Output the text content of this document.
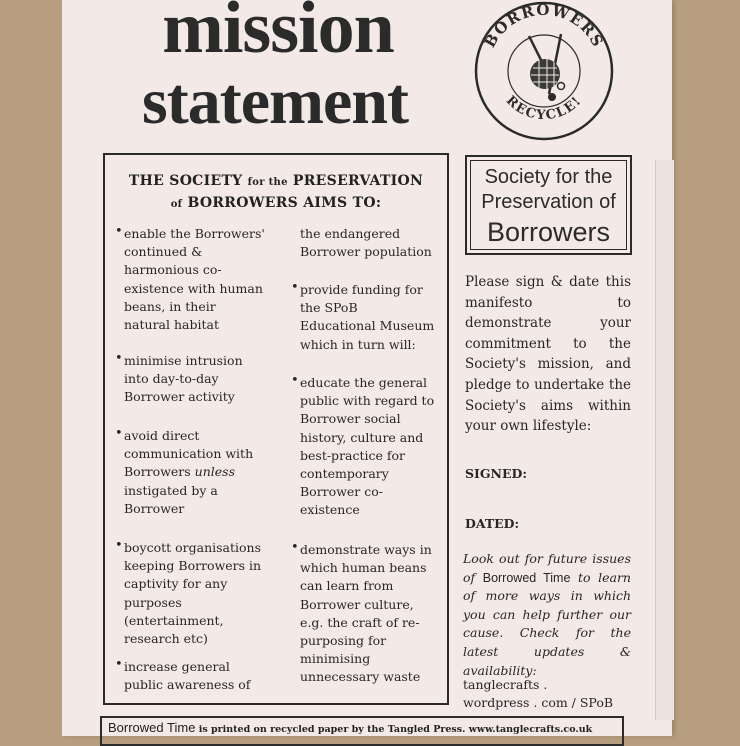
mission
statement
BORROWERS
RECYCLE!
THE SOCIETY for the PRESERVATION
of BORROWERS AIMS TO:
• enable the Borrowers'
continued &
harmonious co-
existence with human
beans, in their
natural habitat
• minimise intrusion
into day-to-day
Borrower activity
• avoid direct
communication with
Borrowers unless
instigated by a
Borrower
• boycott organisations
keeping Borrowers in
captivity for any
purposes
(entertainment,
research etc)
• increase general
public awareness of
the endangered
Borrower population
• provide funding for
the SPoB
Educational Museum
which in turn will:
• educate the general
public with regard to
Borrower social
history, culture and
best-practice for
contemporary
Borrower co-
existence
• demonstrate ways in
which human beans
can learn from
Borrower culture,
e.g. the craft of re-
purposing for
minimising
unnecessary waste
Society for the
Preservation of
Borrowers
Please sign & date this manifesto to demonstrate your commitment to the Society's mission, and pledge to undertake the Society's aims within your own lifestyle:
SIGNED:
DATED:
Look out for future issues of Borrowed Time to learn of more ways in which you can help further our cause. Check for the latest updates & availability:
tanglecrafts .
wordpress . com / SPoB
Borrowed Time is printed on recycled paper by the Tangled Press. www.tanglecrafts.co.uk
